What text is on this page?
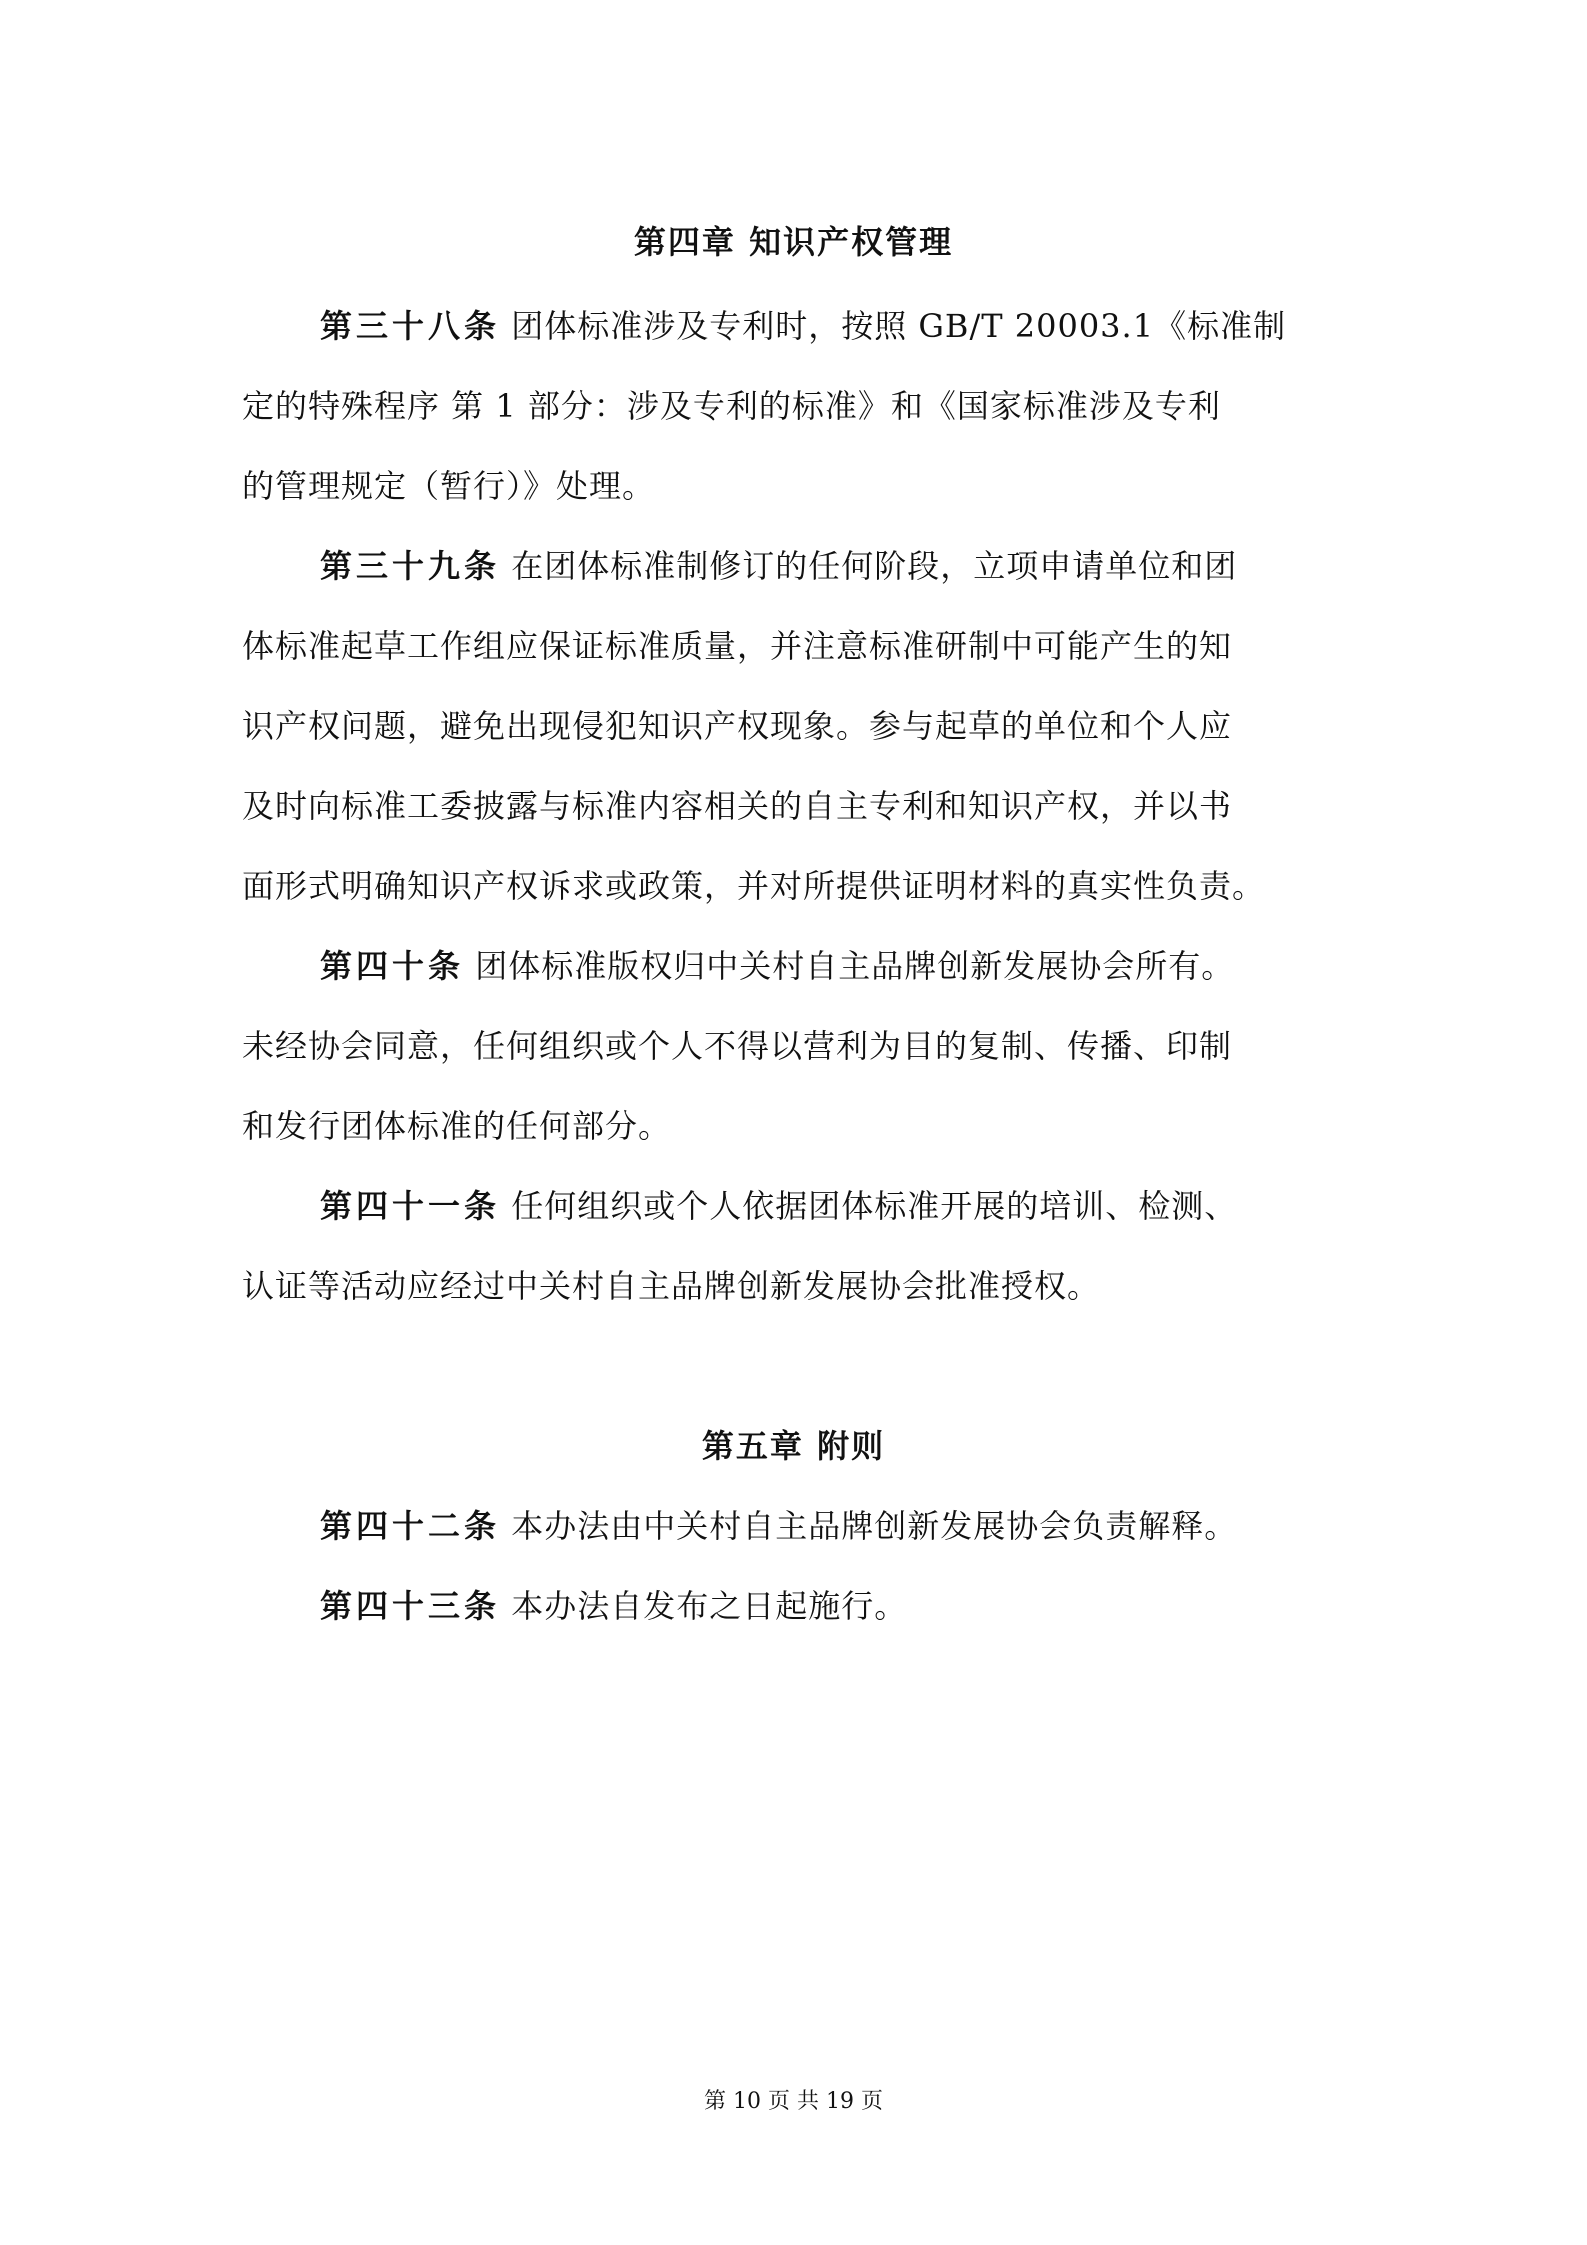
第四章 知识产权管理
第三十八条 团体标准涉及专利时，按照 GB/T 20003.1《标准制
定的特殊程序 第 1 部分：涉及专利的标准》和《国家标准涉及专利
的管理规定（暂行）》处理。
第三十九条 在团体标准制修订的任何阶段，立项申请单位和团
体标准起草工作组应保证标准质量，并注意标准研制中可能产生的知
识产权问题，避免出现侵犯知识产权现象。参与起草的单位和个人应
及时向标准工委披露与标准内容相关的自主专利和知识产权，并以书
面形式明确知识产权诉求或政策，并对所提供证明材料的真实性负责。
第四十条 团体标准版权归中关村自主品牌创新发展协会所有。
未经协会同意，任何组织或个人不得以营利为目的复制、传播、印制
和发行团体标准的任何部分。
第四十一条 任何组织或个人依据团体标准开展的培训、检测、
认证等活动应经过中关村自主品牌创新发展协会批准授权。
第五章 附则
第四十二条 本办法由中关村自主品牌创新发展协会负责解释。
第四十三条 本办法自发布之日起施行。
第 10 页 共 19 页
